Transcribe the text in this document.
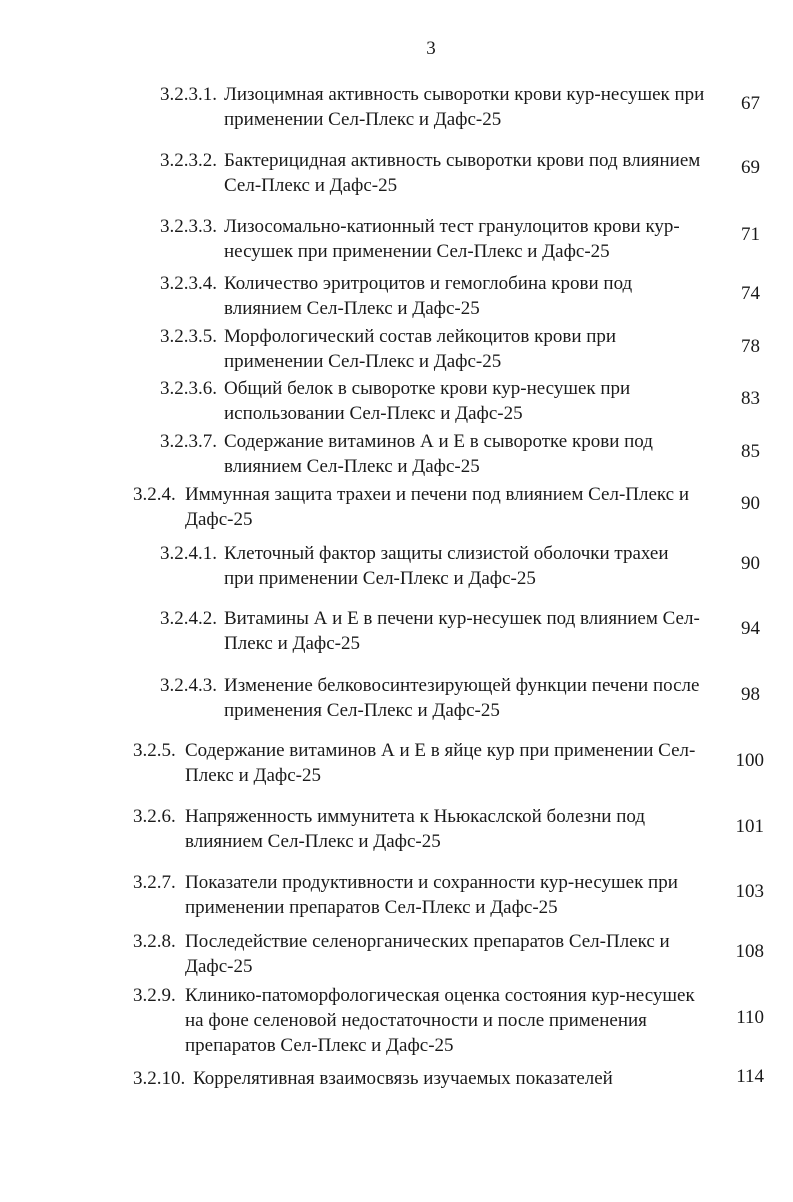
3
3.2.3.1. Лизоцимная активность сыворотки крови кур-несушек при
применении Сел-Плекс и Дафс-25
67
3.2.3.2. Бактерицидная активность сыворотки крови под влиянием
Сел-Плекс и Дафс-25
69
3.2.3.3. Лизосомально-катионный тест гранулоцитов крови кур-
несушек при применении Сел-Плекс и Дафс-25
71
3.2.3.4. Количество эритроцитов и гемоглобина крови под
влиянием Сел-Плекс и Дафс-25
74
3.2.3.5. Морфологический состав лейкоцитов крови при
применении Сел-Плекс и Дафс-25
78
3.2.3.6. Общий белок в сыворотке крови кур-несушек при
использовании Сел-Плекс и Дафс-25
83
3.2.3.7. Содержание витаминов А и Е в сыворотке крови под
влиянием Сел-Плекс и Дафс-25
85
3.2.4. Иммунная защита трахеи и печени под влиянием Сел-Плекс и
Дафс-25
90
3.2.4.1. Клеточный фактор защиты слизистой оболочки трахеи
при применении Сел-Плекс и Дафс-25
90
3.2.4.2. Витамины А и Е в печени кур-несушек под влиянием Сел-
Плекс и Дафс-25
94
3.2.4.3. Изменение белковосинтезирующей функции печени после
применения Сел-Плекс и Дафс-25
98
3.2.5. Содержание витаминов А и Е в яйце кур при применении Сел-
Плекс и Дафс-25
100
3.2.6. Напряженность иммунитета к Ньюкаслской болезни под
влиянием Сел-Плекс и Дафс-25
101
3.2.7. Показатели продуктивности и сохранности кур-несушек при
применении препаратов Сел-Плекс и Дафс-25
103
3.2.8. Последействие селенорганических препаратов Сел-Плекс и
Дафс-25
108
3.2.9. Клинико-патоморфологическая оценка состояния кур-несушек
на фоне селеновой недостаточности и после применения
препаратов Сел-Плекс и Дафс-25
110
3.2.10. Коррелятивная взаимосвязь изучаемых показателей	114
